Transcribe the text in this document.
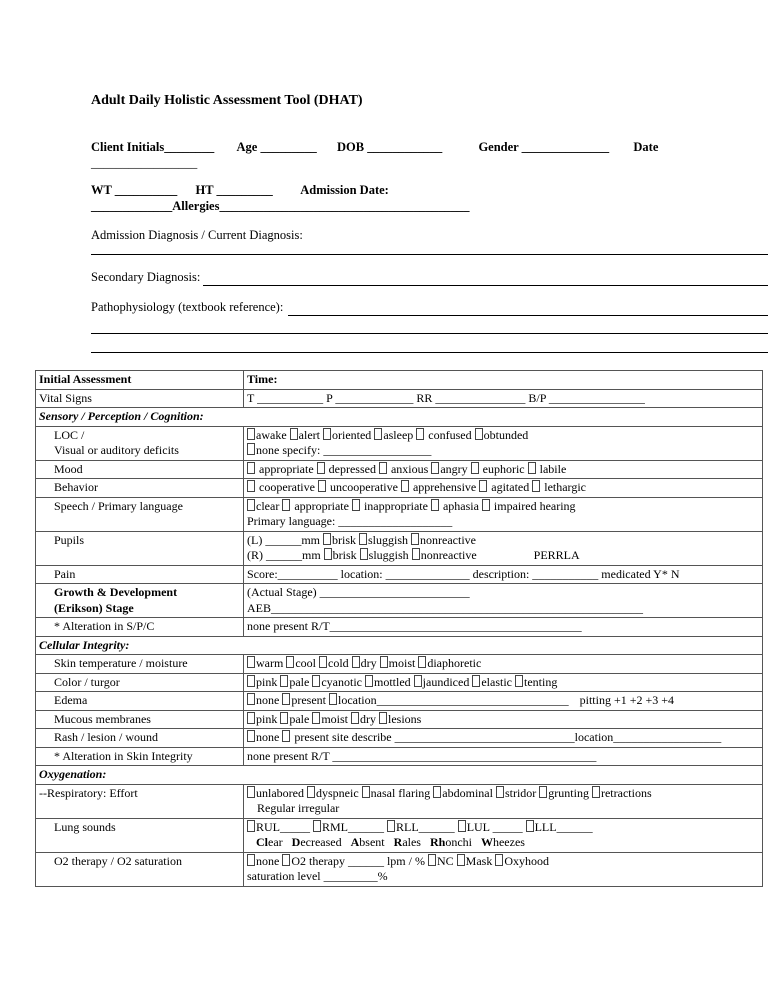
Adult Daily Holistic Assessment Tool (DHAT)
Client Initials________ Age _________ DOB ____________	Gender ______________ Date
_________________
WT __________ HT _________ Admission Date:
_____________Allergies________________________________________
Admission Diagnosis / Current Diagnosis:
Secondary Diagnosis:
Pathophysiology (textbook reference):
Initial Assessment	Time:
Vital Signs	T ___________ P _____________ RR _______________ B/P ________________
Sensory / Perception / Cognition:	
LOC /
Visual or auditory deficits	awake alert oriented asleep  confused obtunded
none specify: __________________
Mood	appropriate  depressed  anxious angry  euphoric  labile
Behavior	cooperative  uncooperative  apprehensive  agitated  lethargic
Speech / Primary language	clear  appropriate  inappropriate  aphasia  impaired hearing
Primary language: ___________________
Pupils	(L) ______mm brisk sluggish nonreactive
(R) ______mm brisk sluggish nonreactive PERRLA
Pain	Score:__________ location: ______________ description: ___________ medicated Y* N
Growth & Development
(Erikson) Stage	(Actual Stage) _________________________
AEB______________________________________________________________
* Alteration in S/P/C	none present R/T__________________________________________
Cellular Integrity:	
Skin temperature / moisture	warm cool cold dry moist diaphoretic
Color / turgor	pink pale cyanotic mottled jaundiced elastic tenting
Edema	none present location________________________________ pitting +1 +2 +3 +4
Mucous membranes	pink pale moist dry lesions
Rash / lesion / wound	none  present site describe ______________________________location__________________
* Alteration in Skin Integrity	none present R/T ____________________________________________
Oxygenation:	
--Respiratory: Effort	unlabored dyspneic nasal flaring abdominal stridor grunting retractions
Regular irregular
Lung sounds	RUL_____ RML______ RLL______ LUL _____ LLL______
Clear Decreased Absent Rales Rhonchi Wheezes
O2 therapy / O2 saturation	none O2 therapy ______ lpm / % NC Mask Oxyhood
saturation level _________%
